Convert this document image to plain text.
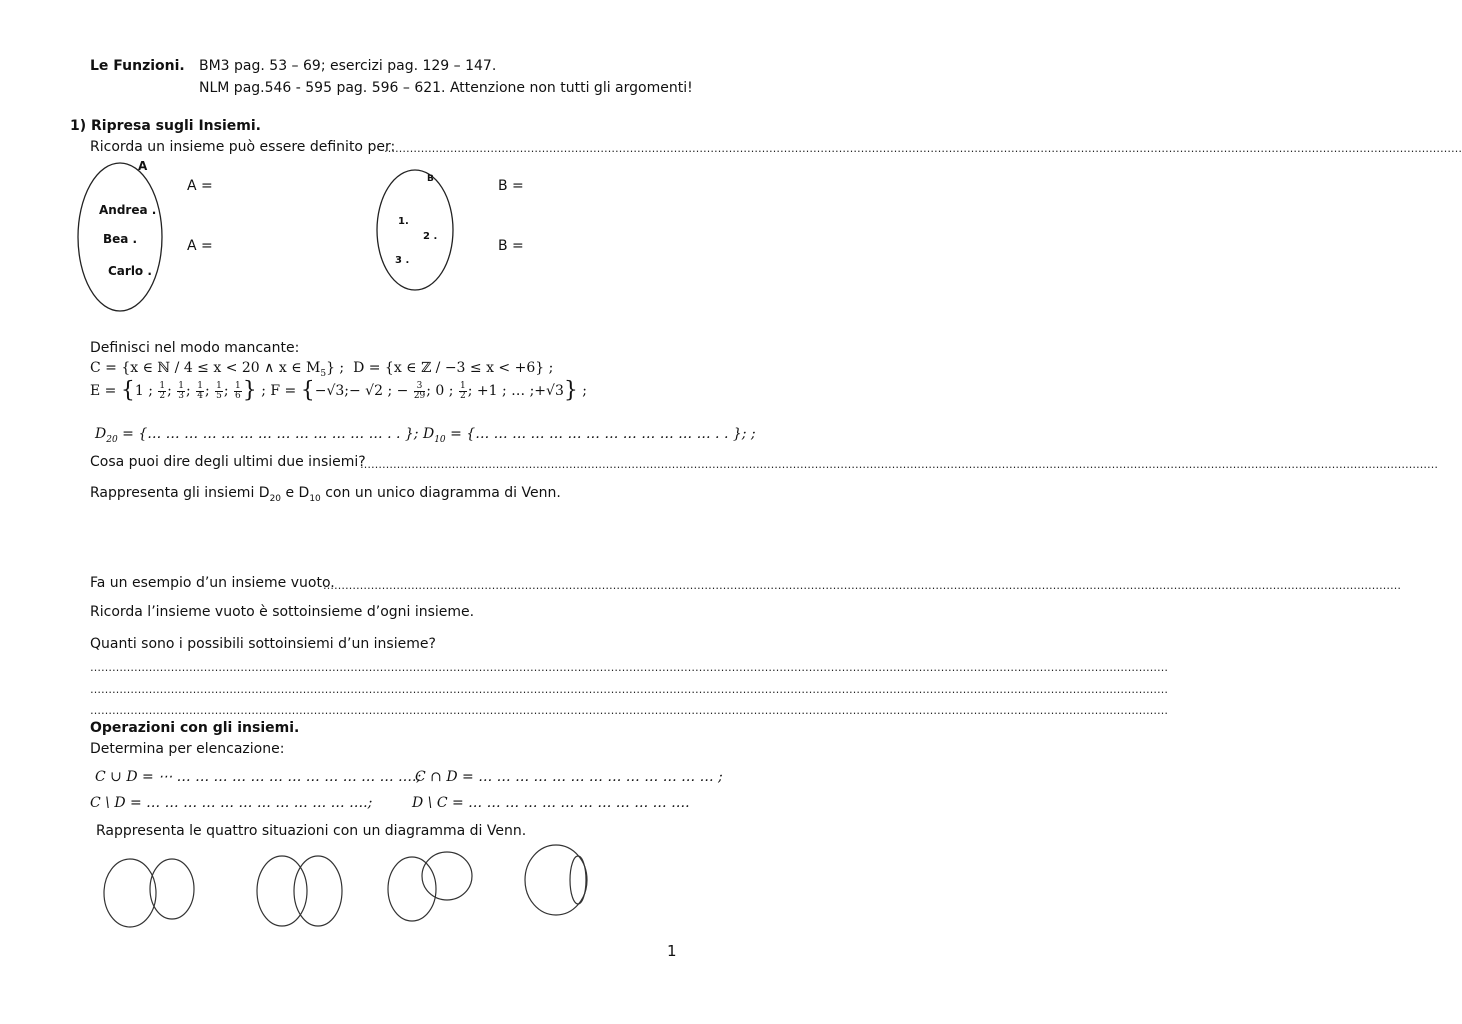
Le Funzioni. BM3 pag. 53 – 69; esercizi pag. 129 – 147.
NLM pag.546 - 595 pag. 596 – 621. Attenzione non tutti gli argomenti!
1) Ripresa sugli Insiemi.
Ricorda un insieme può essere definito per:
……………………………………………………………………………………………………………………………………………………………………………………………………………………………………………………………………
A
Andrea .
Bea .
Carlo .
A =
A =
B
1.
2 .
3 .
B =
B =
Definisci nel modo mancante:
C = {x ∈ ℕ / 4 ≤ x < 20 ∧ x ∈ $M_5$} ; D = {x ∈ ℤ / −3 ≤ x < +6} ;
E = {1 ; $\frac{1}{2}$ ; $\frac{1}{3}$ ; $\frac{1}{4}$ ; $\frac{1}{5}$ ; $\frac{1}{6}$ } ; F = {−√3;− √2 ; − $\frac{3}{29}$ ; 0 ; $\frac{1}{2}$ ; +1 ; … ;+√3} ;
$D_{20}$ = {… … … … … … … … … … … … … . . }; $D_{10}$ = {… … … … … … … … … … … … … . . }; ;
Cosa puoi dire degli ultimi due insiemi?
……………………………………………………………………………………………………………………………………………………………………………………………………………………………………………………………………
Rappresenta gli insiemi $D_{20}$ e $D_{10}$ con un unico diagramma di Venn.
Fa un esempio d’un insieme vuoto.
……………………………………………………………………………………………………………………………………………………………………………………………………………………………………………………………………
Ricorda l’insieme vuoto è sottoinsieme d’ogni insieme.
Quanti sono i possibili sottoinsiemi d’un insieme?
……………………………………………………………………………………………………………………………………………………………………………………………………………………………………………………………………
……………………………………………………………………………………………………………………………………………………………………………………………………………………………………………………………………
……………………………………………………………………………………………………………………………………………………………………………………………………………………………………………………………………
Operazioni con gli insiemi.
Determina per elencazione:
C ∪ D = ⋯ … … … … … … … … … … … … ….;
C ∩ D = … … … … … … … … … … … … … ;
C \ D = … … … … … … … … … … … ….;	D \ C = … … … … … … … … … … … ….
Rappresenta le quattro situazioni con un diagramma di Venn.
1
